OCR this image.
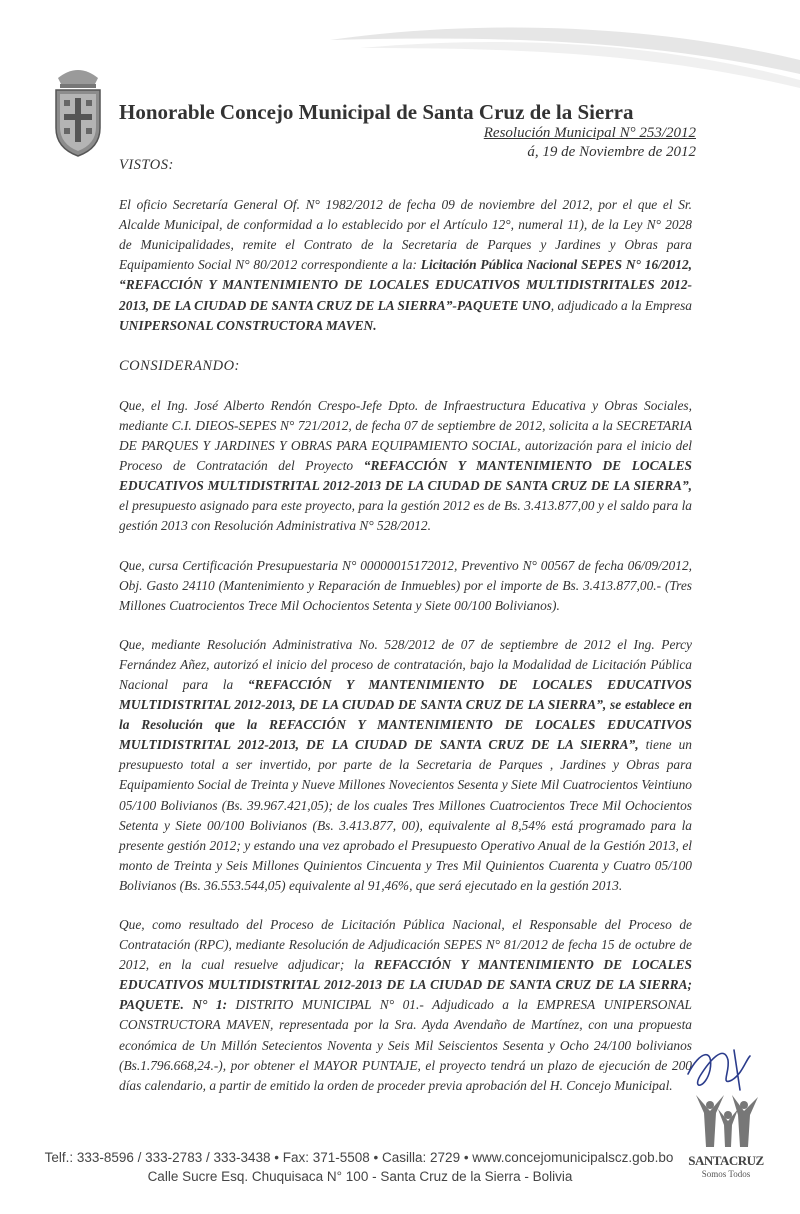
Honorable Concejo Municipal de Santa Cruz de la Sierra
Resolución Municipal N° 253/2012
á, 19 de Noviembre de 2012

VISTOS:

El oficio Secretaría General Of. N° 1982/2012 de fecha 09 de noviembre del 2012, por el que el Sr. Alcalde Municipal, de conformidad a lo establecido por el Artículo 12°, numeral 11), de la Ley N° 2028 de Municipalidades, remite el Contrato de la Secretaria de Parques y Jardines y Obras para Equipamiento Social N° 80/2012 correspondiente a la: Licitación Pública Nacional SEPES N° 16/2012, “REFACCIÓN Y MANTENIMIENTO DE LOCALES EDUCATIVOS MULTIDISTRITALES 2012-2013, DE LA CIUDAD DE SANTA CRUZ DE LA SIERRA”-PAQUETE UNO, adjudicado a la Empresa UNIPERSONAL CONSTRUCTORA MAVEN.

CONSIDERANDO:

Que, el Ing. José Alberto Rendón Crespo-Jefe Dpto. de Infraestructura Educativa y Obras Sociales, mediante C.I. DIEOS-SEPES N° 721/2012, de fecha 07 de septiembre de 2012, solicita a la SECRETARIA DE PARQUES Y JARDINES Y OBRAS PARA EQUIPAMIENTO SOCIAL, autorización para el inicio del Proceso de Contratación del Proyecto “REFACCIÓN Y MANTENIMIENTO DE LOCALES EDUCATIVOS MULTIDISTRITAL 2012-2013 DE LA CIUDAD DE SANTA CRUZ DE LA SIERRA”, el presupuesto asignado para este proyecto, para la gestión 2012 es de Bs. 3.413.877,00 y el saldo para la gestión 2013 con Resolución Administrativa N° 528/2012.

Que, cursa Certificación Presupuestaria N° 00000015172012, Preventivo N° 00567 de fecha 06/09/2012, Obj. Gasto 24110 (Mantenimiento y Reparación de Inmuebles) por el importe de Bs. 3.413.877,00.- (Tres Millones Cuatrocientos Trece Mil Ochocientos Setenta y Siete 00/100 Bolivianos).

Que, mediante Resolución Administrativa No. 528/2012 de 07 de septiembre de 2012 el Ing. Percy Fernández Añez, autorizó el inicio del proceso de contratación, bajo la Modalidad de Licitación Pública Nacional para la “REFACCIÓN Y MANTENIMIENTO DE LOCALES EDUCATIVOS MULTIDISTRITAL 2012-2013, DE LA CIUDAD DE SANTA CRUZ DE LA SIERRA”, se establece en la Resolución que la REFACCIÓN Y MANTENIMIENTO DE LOCALES EDUCATIVOS MULTIDISTRITAL 2012-2013, DE LA CIUDAD DE SANTA CRUZ DE LA SIERRA”, tiene un presupuesto total a ser invertido, por parte de la Secretaria de Parques , Jardines y Obras para Equipamiento Social de Treinta y Nueve Millones Novecientos Sesenta y Siete Mil Cuatrocientos Veintiuno 05/100 Bolivianos (Bs. 39.967.421,05); de los cuales Tres Millones Cuatrocientos Trece Mil Ochocientos Setenta y Siete 00/100 Bolivianos (Bs. 3.413.877, 00), equivalente al 8,54% está programado para la presente gestión 2012; y estando una vez aprobado el Presupuesto Operativo Anual de la Gestión 2013, el monto de Treinta y Seis Millones Quinientos Cincuenta y Tres Mil Quinientos Cuarenta y Cuatro 05/100 Bolivianos (Bs. 36.553.544,05) equivalente al 91,46%, que será ejecutado en la gestión 2013.

Que, como resultado del Proceso de Licitación Pública Nacional, el Responsable del Proceso de Contratación (RPC), mediante Resolución de Adjudicación SEPES N° 81/2012 de fecha 15 de octubre de 2012, en la cual resuelve adjudicar; la REFACCIÓN Y MANTENIMIENTO DE LOCALES EDUCATIVOS MULTIDISTRITAL 2012-2013 DE LA CIUDAD DE SANTA CRUZ DE LA SIERRA; PAQUETE. N° 1: DISTRITO MUNICIPAL N° 01.- Adjudicado a la EMPRESA UNIPERSONAL CONSTRUCTORA MAVEN, representada por la Sra. Ayda Avendaño de Martínez, con una propuesta económica de Un Millón Setecientos Noventa y Seis Mil Seiscientos Sesenta y Ocho 24/100 bolivianos (Bs.1.796.668,24.-), por obtener el MAYOR PUNTAJE, el proyecto tendrá un plazo de ejecución de 200 días calendario, a partir de emitido la orden de proceder previa aprobación del H. Concejo Municipal.

SANTACRUZ
Somos Todos
Telf.: 333-8596 / 333-2783 / 333-3438 • Fax: 371-5508 • Casilla: 2729 • www.concejomunicipalscz.gob.bo
Calle Sucre Esq. Chuquisaca N° 100 - Santa Cruz de la Sierra - Bolivia
